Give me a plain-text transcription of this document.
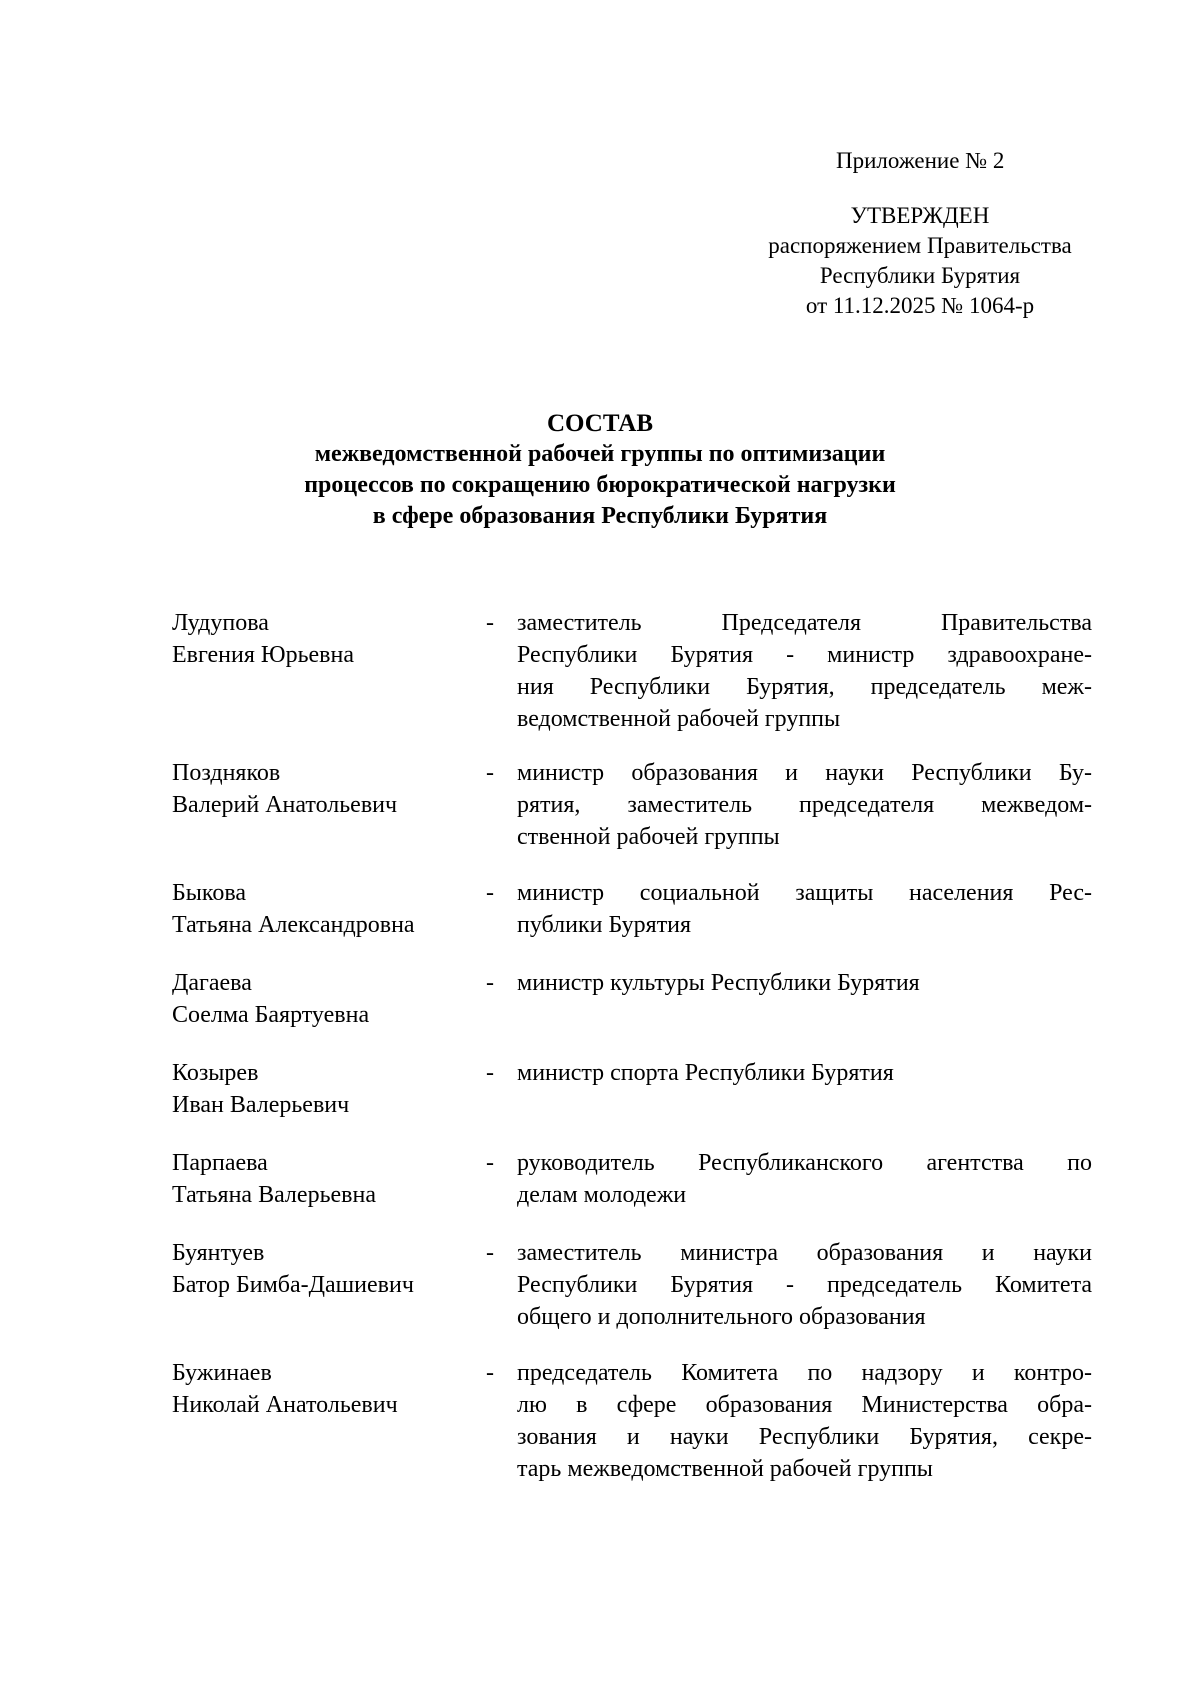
Приложение № 2
УТВЕРЖДЕН
распоряжением Правительства
Республики Бурятия
от 11.12.2025 № 1064-р
СОСТАВ
межведомственной рабочей группы по оптимизации
процессов по сокращению бюрократической нагрузки
в сфере образования Республики Бурятия
Лудупова
Евгения Юрьевна
- заместитель Председателя Правительства
Республики Бурятия - министр здравоохране-
ния Республики Бурятия, председатель меж-
ведомственной рабочей группы
Поздняков
Валерий Анатольевич
- министр образования и науки Республики Бу-
рятия, заместитель председателя межведом-
ственной рабочей группы
Быкова
Татьяна Александровна
- министр социальной защиты населения Рес-
публики Бурятия
Дагаева
Соелма Баяртуевна
- министр культуры Республики Бурятия
Козырев
Иван Валерьевич
- министр спорта Республики Бурятия
Парпаева
Татьяна Валерьевна
- руководитель Республиканского агентства по
делам молодежи
Буянтуев
Батор Бимба-Дашиевич
- заместитель министра образования и науки
Республики Бурятия - председатель Комитета
общего и дополнительного образования
Бужинаев
Николай Анатольевич
- председатель Комитета по надзору и контро-
лю в сфере образования Министерства обра-
зования и науки Республики Бурятия, секре-
тарь межведомственной рабочей группы
